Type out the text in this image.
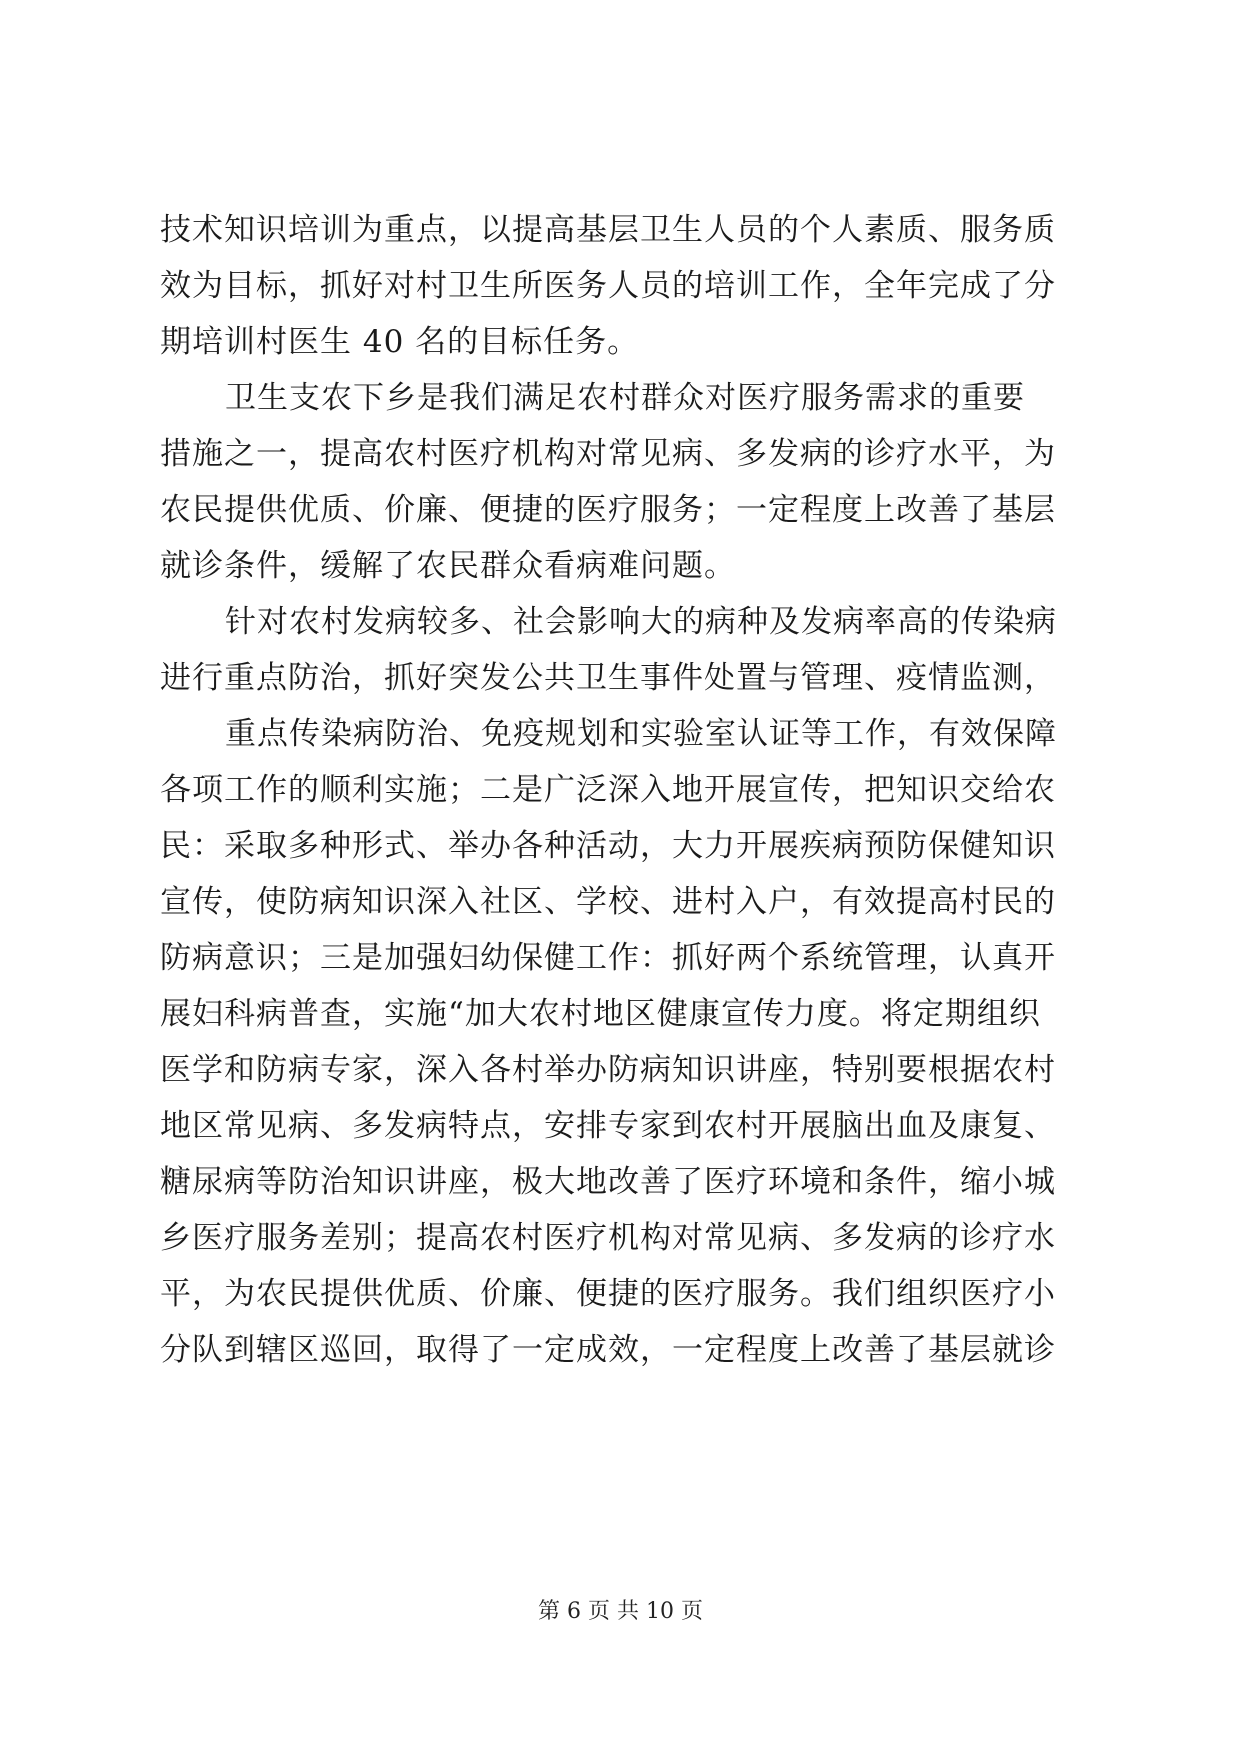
技术知识培训为重点，以提高基层卫生人员的个人素质、服务质
效为目标，抓好对村卫生所医务人员的培训工作，全年完成了分
期培训村医生 40 名的目标任务。
卫生支农下乡是我们满足农村群众对医疗服务需求的重要
措施之一，提高农村医疗机构对常见病、多发病的诊疗水平，为
农民提供优质、价廉、便捷的医疗服务；一定程度上改善了基层
就诊条件，缓解了农民群众看病难问题。
针对农村发病较多、社会影响大的病种及发病率高的传染病
进行重点防治，抓好突发公共卫生事件处置与管理、疫情监测，
重点传染病防治、免疫规划和实验室认证等工作，有效保障
各项工作的顺利实施；二是广泛深入地开展宣传，把知识交给农
民：采取多种形式、举办各种活动，大力开展疾病预防保健知识
宣传，使防病知识深入社区、学校、进村入户，有效提高村民的
防病意识；三是加强妇幼保健工作：抓好两个系统管理，认真开
展妇科病普查，实施“加大农村地区健康宣传力度。将定期组织
医学和防病专家，深入各村举办防病知识讲座，特别要根据农村
地区常见病、多发病特点，安排专家到农村开展脑出血及康复、
糖尿病等防治知识讲座，极大地改善了医疗环境和条件，缩小城
乡医疗服务差别；提高农村医疗机构对常见病、多发病的诊疗水
平，为农民提供优质、价廉、便捷的医疗服务。我们组织医疗小
分队到辖区巡回，取得了一定成效，一定程度上改善了基层就诊
第 6 页 共 10 页
